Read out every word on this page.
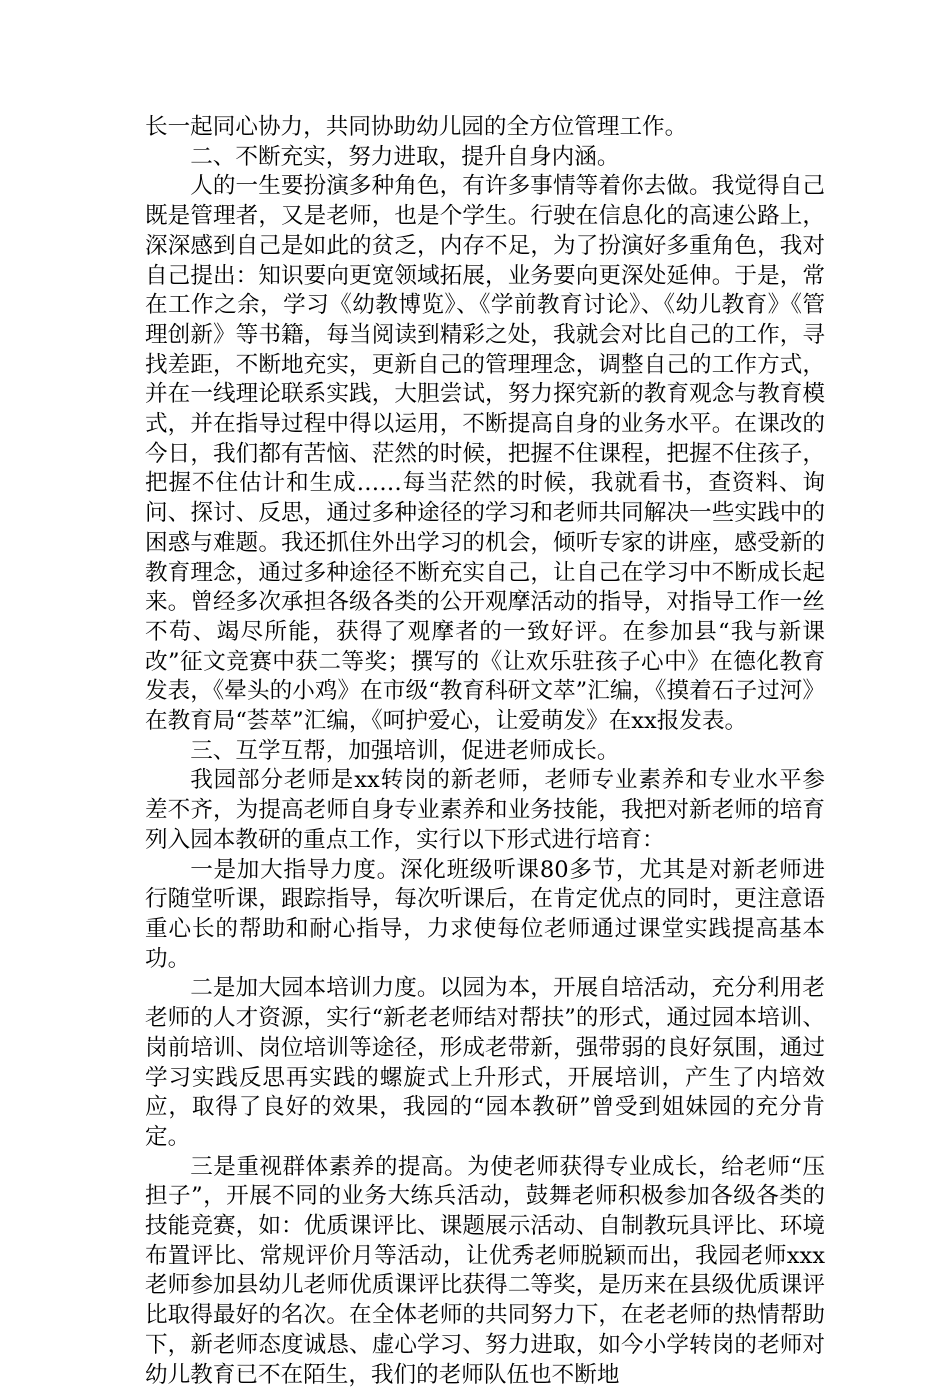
长一起同心协力，共同协助幼儿园的全方位管理工作。

二、不断充实，努力进取，提升自身内涵。

人的一生要扮演多种角色，有许多事情等着你去做。我觉得自己既是管理者，又是老师，也是个学生。行驶在信息化的高速公路上，深深感到自己是如此的贫乏，内存不足，为了扮演好多重角色，我对自己提出：知识要向更宽领域拓展，业务要向更深处延伸。于是，常在工作之余，学习《幼教博览》、《学前教育讨论》、《幼儿教育》《管理创新》等书籍，每当阅读到精彩之处，我就会对比自己的工作，寻找差距，不断地充实，更新自己的管理理念，调整自己的工作方式，并在一线理论联系实践，大胆尝试，努力探究新的教育观念与教育模式，并在指导过程中得以运用，不断提高自身的业务水平。在课改的今日，我们都有苦恼、茫然的时候，把握不住课程，把握不住孩子，把握不住估计和生成……每当茫然的时候，我就看书，查资料、询问、探讨、反思，通过多种途径的学习和老师共同解决一些实践中的困惑与难题。我还抓住外出学习的机会，倾听专家的讲座，感受新的教育理念，通过多种途径不断充实自己，让自己在学习中不断成长起来。曾经多次承担各级各类的公开观摩活动的指导，对指导工作一丝不苟、竭尽所能，获得了观摩者的一致好评。在参加县“我与新课改”征文竞赛中获二等奖；撰写的《让欢乐驻孩子心中》在德化教育发表，《晕头的小鸡》在市级“教育科研文萃”汇编，《摸着石子过河》在教育局“荟萃”汇编，《呵护爱心，让爱萌发》在xx报发表。

三、互学互帮，加强培训，促进老师成长。

我园部分老师是xx转岗的新老师，老师专业素养和专业水平参差不齐，为提高老师自身专业素养和业务技能，我把对新老师的培育列入园本教研的重点工作，实行以下形式进行培育：

一是加大指导力度。深化班级听课80多节，尤其是对新老师进行随堂听课，跟踪指导，每次听课后，在肯定优点的同时，更注意语重心长的帮助和耐心指导，力求使每位老师通过课堂实践提高基本功。

二是加大园本培训力度。以园为本，开展自培活动，充分利用老老师的人才资源，实行“新老老师结对帮扶”的形式，通过园本培训、岗前培训、岗位培训等途径，形成老带新，强带弱的良好氛围，通过学习实践反思再实践的螺旋式上升形式，开展培训，产生了内培效应，取得了良好的效果，我园的“园本教研”曾受到姐妹园的充分肯定。

三是重视群体素养的提高。为使老师获得专业成长，给老师“压担子”，开展不同的业务大练兵活动，鼓舞老师积极参加各级各类的技能竞赛，如：优质课评比、课题展示活动、自制教玩具评比、环境布置评比、常规评价月等活动，让优秀老师脱颖而出，我园老师xxx老师参加县幼儿老师优质课评比获得二等奖，是历来在县级优质课评比取得最好的名次。在全体老师的共同努力下，在老老师的热情帮助下，新老师态度诚恳、虚心学习、努力进取，如今小学转岗的老师对幼儿教育已不在陌生，我们的老师队伍也不断地
